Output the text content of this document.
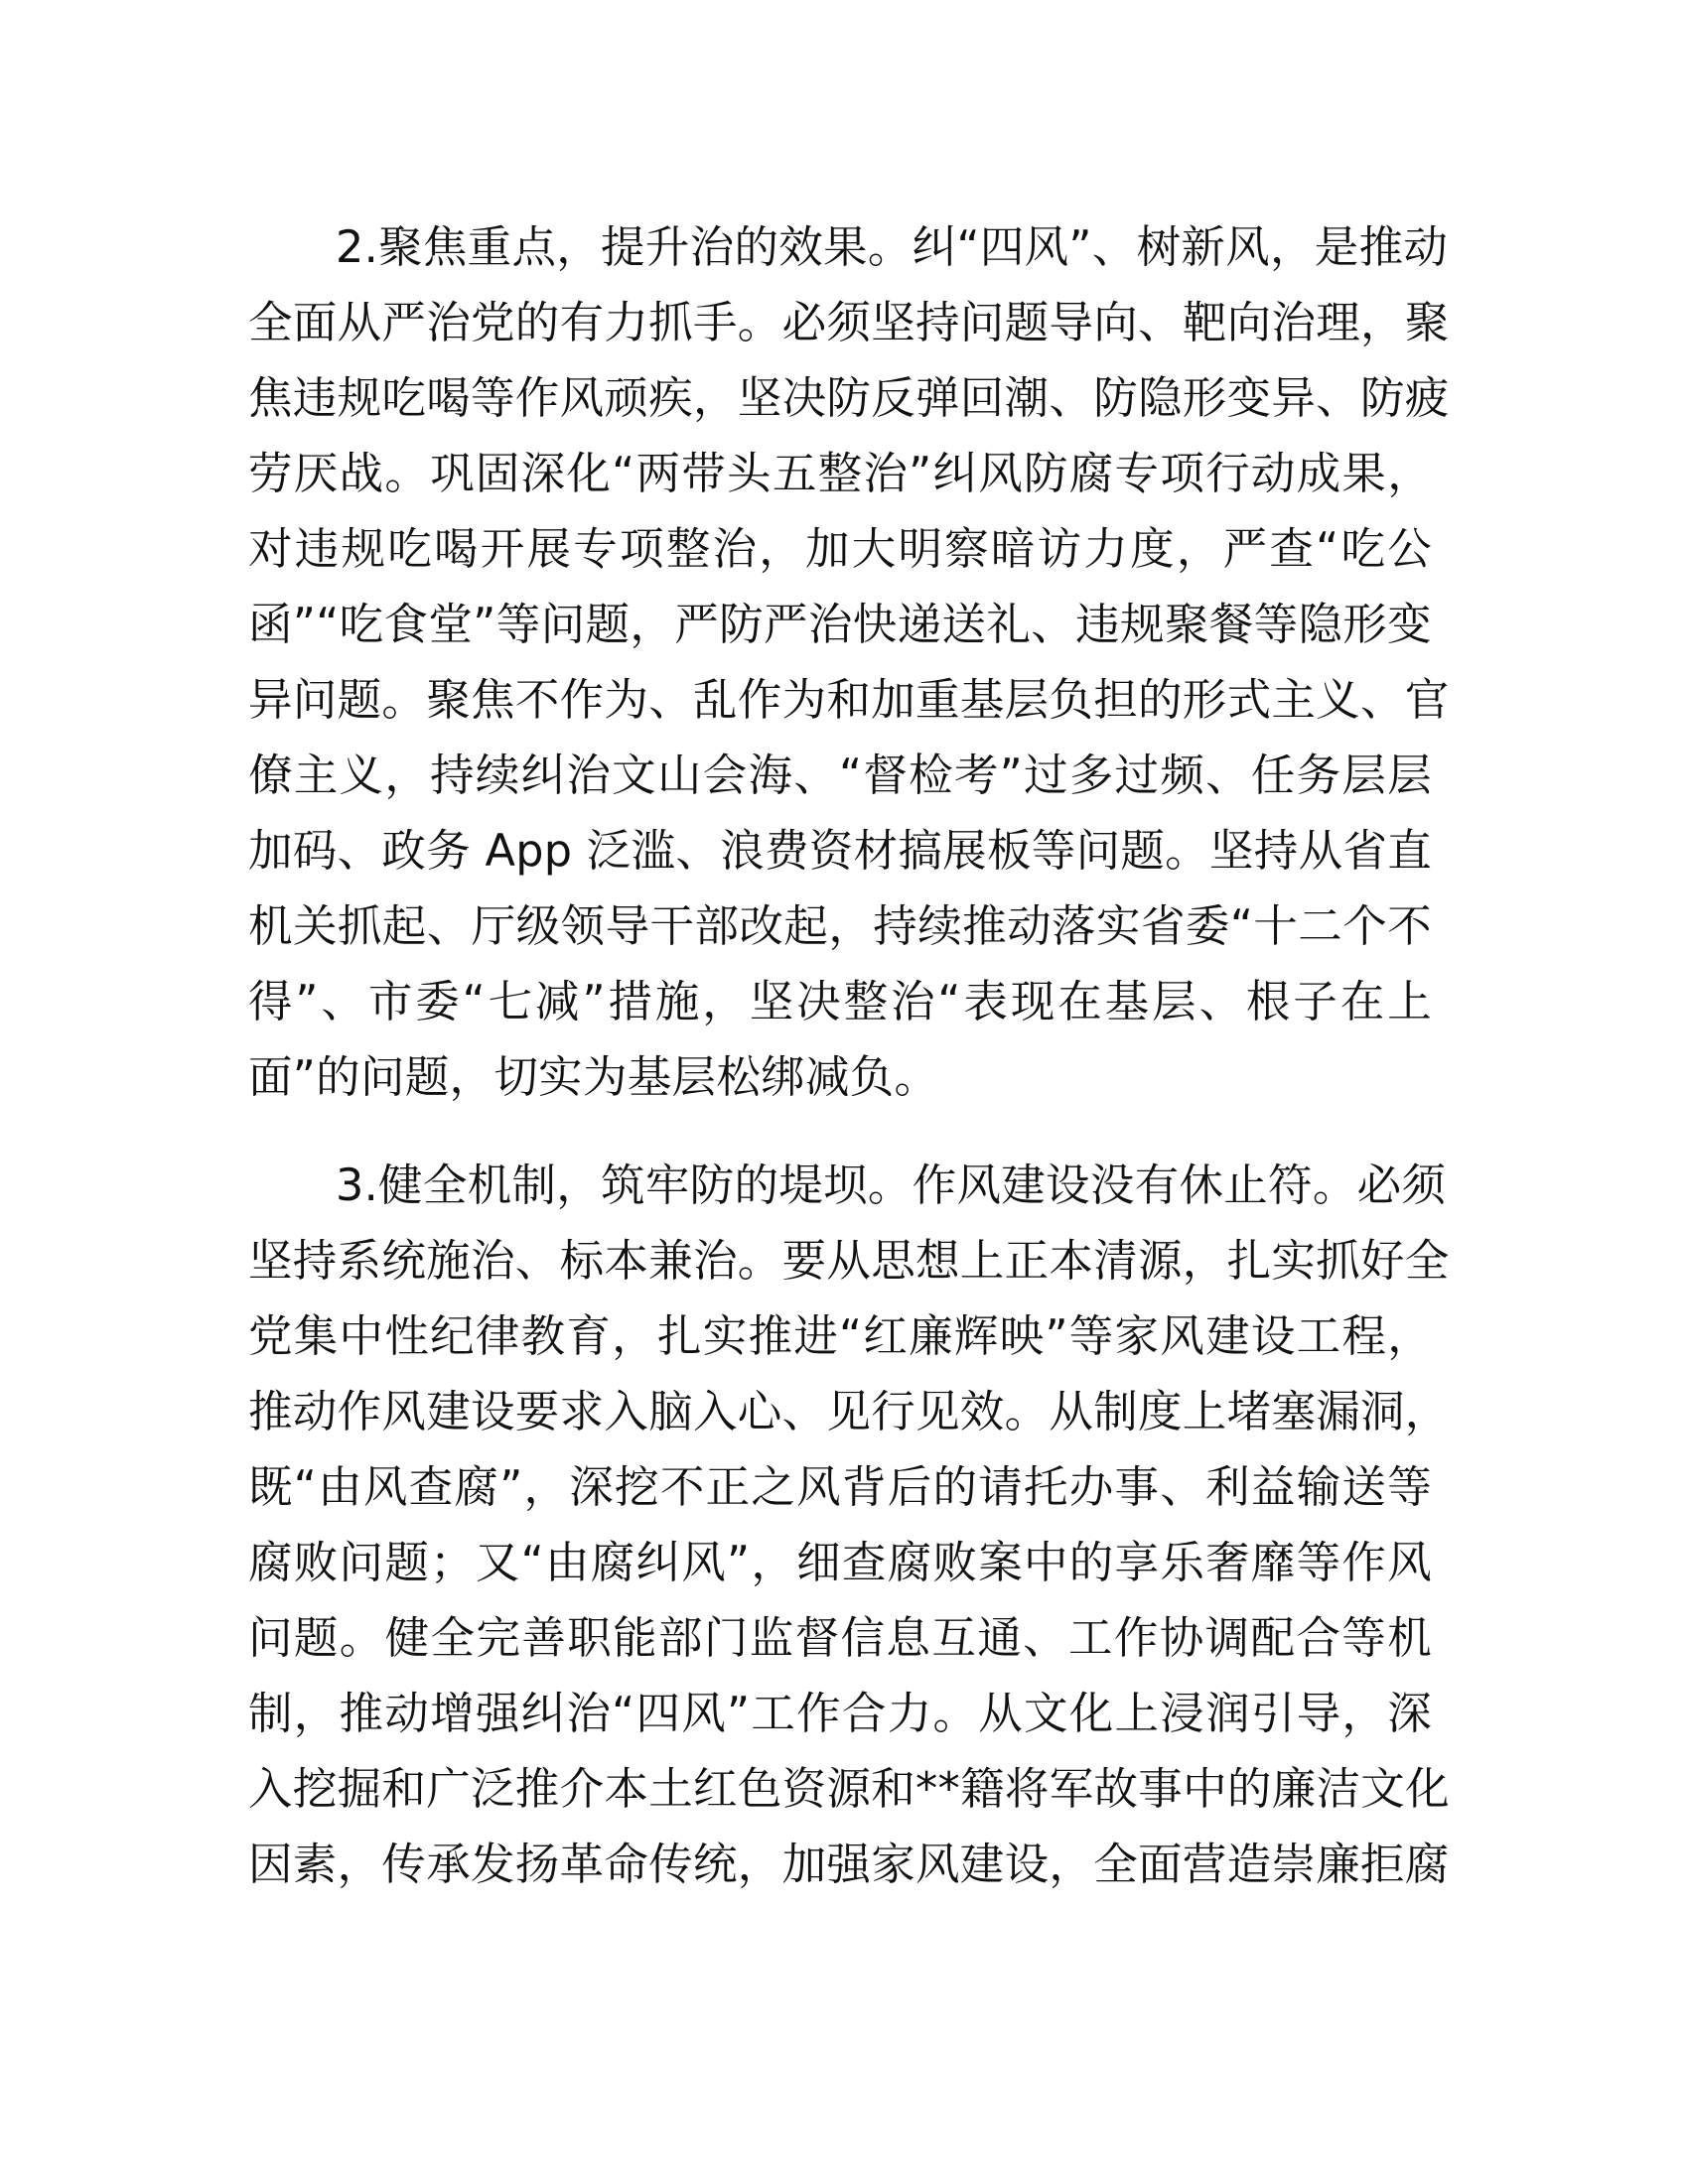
2.聚焦重点，提升治的效果。纠“四风”、树新风，是推动
全面从严治党的有力抓手。必须坚持问题导向、靶向治理，聚
焦违规吃喝等作风顽疾，坚决防反弹回潮、防隐形变异、防疲
劳厌战。巩固深化“两带头五整治”纠风防腐专项行动成果，
对违规吃喝开展专项整治，加大明察暗访力度，严查“吃公
函”“吃食堂”等问题，严防严治快递送礼、违规聚餐等隐形变
异问题。聚焦不作为、乱作为和加重基层负担的形式主义、官
僚主义，持续纠治文山会海、“督检考”过多过频、任务层层
加码、政务 App 泛滥、浪费资材搞展板等问题。坚持从省直
机关抓起、厅级领导干部改起，持续推动落实省委“十二个不
得”、市委“七减”措施，坚决整治“表现在基层、根子在上
面”的问题，切实为基层松绑减负。
3.健全机制，筑牢防的堤坝。作风建设没有休止符。必须
坚持系统施治、标本兼治。要从思想上正本清源，扎实抓好全
党集中性纪律教育，扎实推进“红廉辉映”等家风建设工程，
推动作风建设要求入脑入心、见行见效。从制度上堵塞漏洞，
既“由风查腐”，深挖不正之风背后的请托办事、利益输送等
腐败问题；又“由腐纠风”，细查腐败案中的享乐奢靡等作风
问题。健全完善职能部门监督信息互通、工作协调配合等机
制，推动增强纠治“四风”工作合力。从文化上浸润引导，深
入挖掘和广泛推介本土红色资源和**籍将军故事中的廉洁文化
因素，传承发扬革命传统，加强家风建设，全面营造崇廉拒腐
